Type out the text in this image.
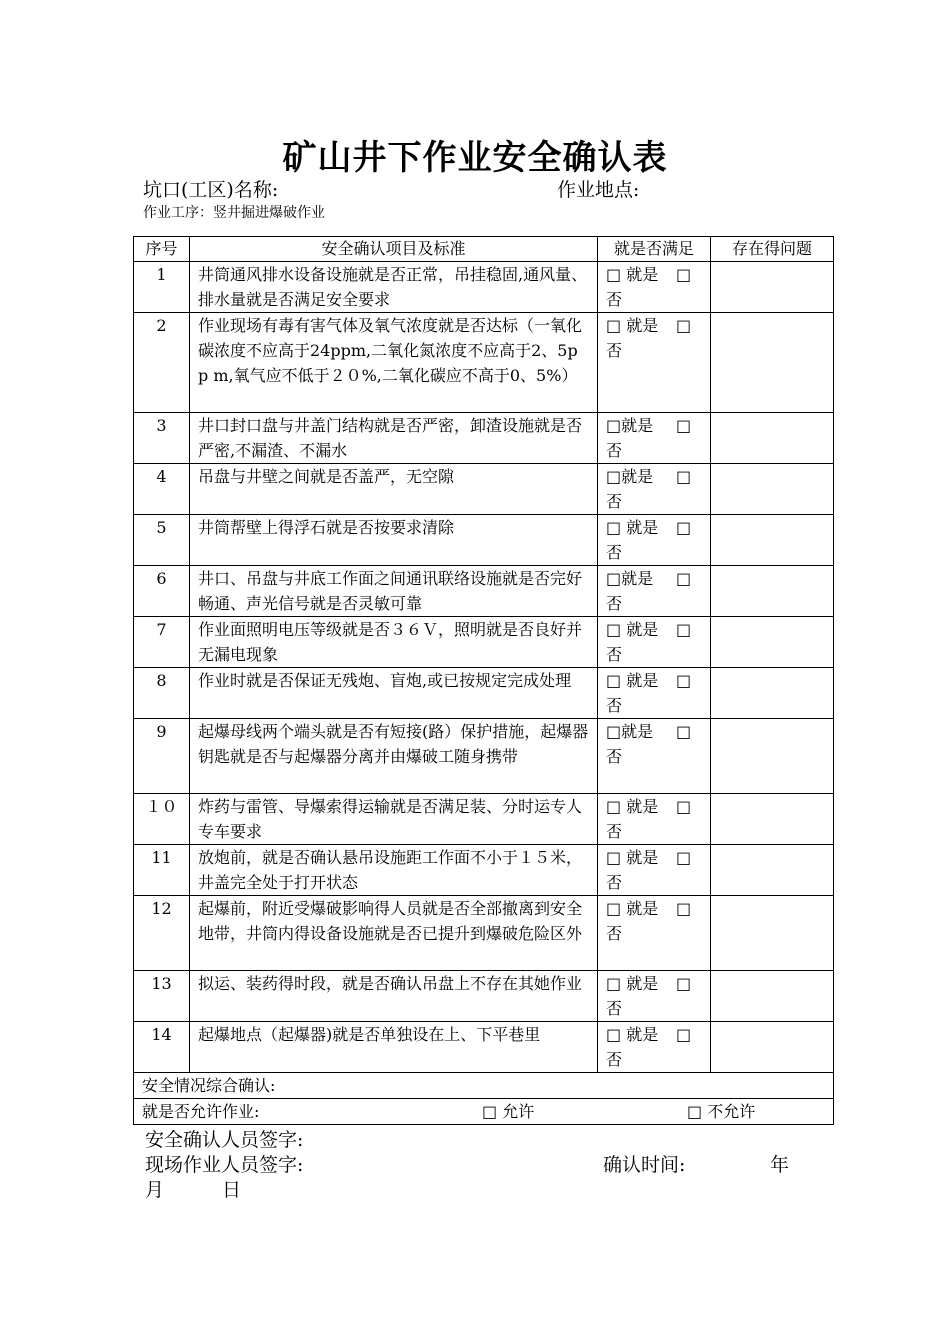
矿山井下作业安全确认表
坑口(工区)名称:	作业地点:
作业工序：竖井掘进爆破作业
序号	安全确认项目及标准	就是否满足	存在得问题
1	井筒通风排水设备设施就是否正常，吊挂稳固,通风量、排水量就是否满足安全要求	□ 就是 □
否	
2	作业现场有毒有害气体及氧气浓度就是否达标（一氧化碳浓度不应高于24ppm,二氧化氮浓度不应高于2、5p p m,氧气应不低于２０%,二氧化碳应不高于0、5%）	□ 就是 □
否	
3	井口封口盘与井盖门结构就是否严密，卸渣设施就是否严密,不漏渣、不漏水	□就是 □
否	
4	吊盘与井壁之间就是否盖严，无空隙	□就是 □
否	
5	井筒帮壁上得浮石就是否按要求清除	□ 就是 □
否	
6	井口、吊盘与井底工作面之间通讯联络设施就是否完好畅通、声光信号就是否灵敏可靠	□就是 □
否	
7	作业面照明电压等级就是否３６Ｖ，照明就是否良好并无漏电现象	□ 就是 □
否	
8	作业时就是否保证无残炮、盲炮,或已按规定完成处理	□ 就是 □
否	
9	起爆母线两个端头就是否有短接(路）保护措施，起爆器钥匙就是否与起爆器分离并由爆破工随身携带	□就是 □
否	
１０	炸药与雷管、导爆索得运输就是否满足装、分时运专人专车要求	□ 就是 □
否	
11	放炮前，就是否确认悬吊设施距工作面不小于１５米，井盖完全处于打开状态	□ 就是 □
否	
12	起爆前，附近受爆破影响得人员就是否全部撤离到安全地带，井筒内得设备设施就是否已提升到爆破危险区外	□ 就是 □
否	
13	拟运、装药得时段，就是否确认吊盘上不存在其她作业	□ 就是 □
否	
14	起爆地点（起爆器)就是否单独设在上、下平巷里	□ 就是 □
否	
安全情况综合确认:			

就是否允许作业: □ 允许 □ 不允许			
安全确认人员签字:
现场作业人员签字:	确认时间:	年
月	日
